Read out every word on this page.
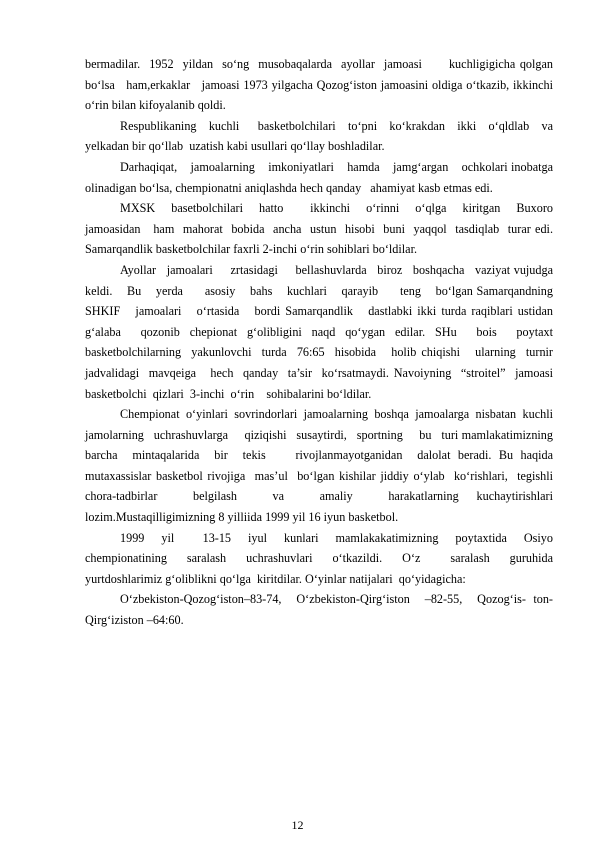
bermadilar.  1952  yildan  so‘ng  musobaqalarda  ayollar  jamoasi      kuchligigicha qolgan bo‘lsa   ham,erkaklar   jamoasi 1973 yilgacha Qozog‘iston jamoasini oldiga o‘tkazib, ikkinchi o‘rin bilan kifoyalanib qoldi.

Respublikaning  kuchli   basketbolchilari  to‘pni  ko‘krakdan  ikki  o‘qldlab  va yelkadan bir qo‘llab  uzatish kabi usullari qo‘llay boshladilar.

Darhaqiqat,    jamoalarning    imkoniyatlari    hamda    jamg‘argan    ochkolari inobatga olinadigan bo‘lsa, chempionatni aniqlashda hech qanday   ahamiyat kasb etmas edi.

MXSK   basetbolchilari   hatto     ikkinchi   o‘rinni   o‘qlga   kiritgan   Buxoro jamoasidan   ham  mahorat  bobida  ancha  ustun  hisobi  buni  yaqqol  tasdiqlab  turar edi. Samarqandlik basketbolchilar faxrli 2-inchi o‘rin sohiblari bo‘ldilar.

Ayollar   jamoalari     zrtasidagi     bellashuvlarda   biroz   boshqacha   vaziyat vujudga    keldi.    Bu    yerda      asosiy    bahs    kuchlari    qarayib      teng    bo‘lgan Samarqandning SHKIF   jamoalari   o‘rtasida   bordi Samarqandlik   dastlabki ikki turda raqiblari ustidan g‘alaba  qozonib chepionat g‘olibligini naqd qo‘ygan edilar. SHu  bois  poytaxt   basketbolchilarning  yakunlovchi  turda  76:65  hisobida   holib chiqishi   ularning  turnir  jadvalidagi  mavqeiga   hech  qanday  ta’sir  ko‘rsatmaydi. Navoiyning  “stroitel”  jamoasi  basketbolchi  qizlari  3-inchi  o‘rin    sohibalarini bo‘ldilar.

Chempionat o‘yinlari sovrindorlari jamoalarning boshqa jamoalarga nisbatan kuchli     jamolarning   uchrashuvlarga     qiziqishi   susaytirdi,   sportning     bu   turi mamlakatimizning  barcha  mintaqalarida  bir  tekis    rivojlanmayotganidan  dalolat beradi. Bu haqida  mutaxassislar basketbol rivojiga  mas’ul  bo‘lgan kishilar jiddiy o‘ylab  ko‘rishlari,  tegishli    chora-tadbirlar  belgilash  va  amaliy  harakatlarning kuchaytirishlari lozim.Mustaqilligimizning 8 yilliida 1999 yil 16 iyun basketbol.

1999   yil     13-15   iyul   kunlari   mamlakakatimizning   poytaxtida   Osiyo chempionatining    saralash    uchrashuvlari    o‘tkazildi.    O‘z      saralash    guruhida yurtdoshlarimiz g‘oliblikni qo‘lga  kiritdilar. O‘yinlar natijalari  qo‘yidagicha:

O‘zbekiston-Qozog‘iston–83-74,  O‘zbekiston-Qirg‘iston  –82-55,  Qozog‘is- ton-Qirg‘iziston –64:60.

12
